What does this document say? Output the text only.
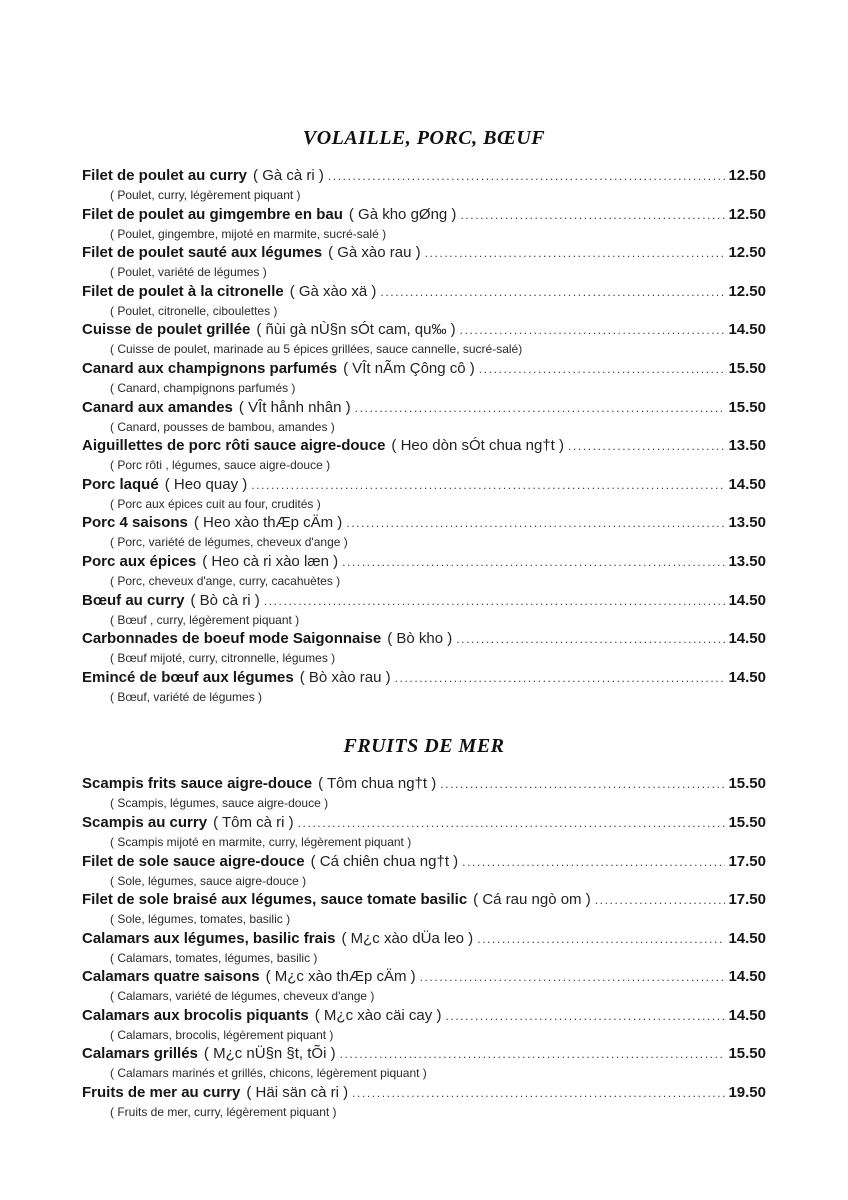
VOLAILLE, PORC, BŒUF
Filet de poulet au curry ( Gà cà ri ) .....	12.50
( Poulet, curry, légèrement piquant )
Filet de poulet au gimgembre en bau ( Gà kho gØng ) .....	12.50
( Poulet, gingembre, mijoté en marmite, sucré-salé )
Filet de poulet sauté aux légumes ( Gà xào rau ) .....	12.50
( Poulet, variété de légumes )
Filet de poulet à la citronelle ( Gà xào xä ) .....	12.50
( Poulet, citronelle, ciboulettes )
Cuisse de poulet grillée ( ñùi gà nÙ§n sÓt cam, qu‰ ) .....	14.50
( Cuisse de poulet, marinade au 5 épices grillées, sauce cannelle, sucré-salé)
Canard aux champignons parfumés ( VÎt nÃm Çông cô ) .....	15.50
( Canard, champignons parfumés )
Canard aux amandes ( VÎt hånh nhân ) .....	15.50
( Canard, pousses de bambou, amandes )
Aiguillettes de porc rôti sauce aigre-douce ( Heo dòn sÓt chua ng†t ) .....	13.50
( Porc rôti , légumes, sauce aigre-douce )
Porc laqué ( Heo quay ) .....	14.50
( Porc aux épices cuit au four, crudités )
Porc 4 saisons ( Heo xào thÆp cÄm ) .....	13.50
( Porc, variété de légumes, cheveux d'ange )
Porc aux épices ( Heo cà ri xào læn ) .....	13.50
( Porc, cheveux d'ange, curry, cacahuètes )
Bœuf au curry ( Bò cà ri ) .....	14.50
( Bœuf , curry, légèrement piquant )
Carbonnades de boeuf mode Saigonnaise ( Bò kho ) .....	14.50
( Bœuf mijoté, curry, citronnelle, légumes )
Emincé de bœuf aux légumes ( Bò xào rau ) .....	14.50
( Bœuf, variété de légumes )
FRUITS DE MER
Scampis frits sauce aigre-douce ( Tôm chua ng†t ) .....	15.50
( Scampis, légumes, sauce aigre-douce )
Scampis au curry ( Tôm cà ri ) .....	15.50
( Scampis mijoté en marmite, curry, légèrement piquant )
Filet de sole sauce aigre-douce ( Cá chiên chua ng†t ) .....	17.50
( Sole, légumes, sauce aigre-douce )
Filet de sole braisé aux légumes, sauce tomate basilic ( Cá rau ngò om ) .....	17.50
( Sole, légumes, tomates, basilic )
Calamars aux légumes, basilic frais ( M¿c xào dÜa leo ) .....	14.50
( Calamars, tomates, légumes, basilic )
Calamars quatre saisons ( M¿c xào thÆp cÄm ) .....	14.50
( Calamars, variété de légumes, cheveux d'ange )
Calamars aux brocolis piquants ( M¿c xào cäi cay ) .....	14.50
( Calamars, brocolis, légèrement piquant )
Calamars grillés ( M¿c nÜ§n §t, tÕi ) .....	15.50
( Calamars marinés et grillés, chicons, légèrement piquant )
Fruits de mer au curry ( Häi sän cà ri ) .....	19.50
( Fruits de mer, curry, légèrement piquant )
